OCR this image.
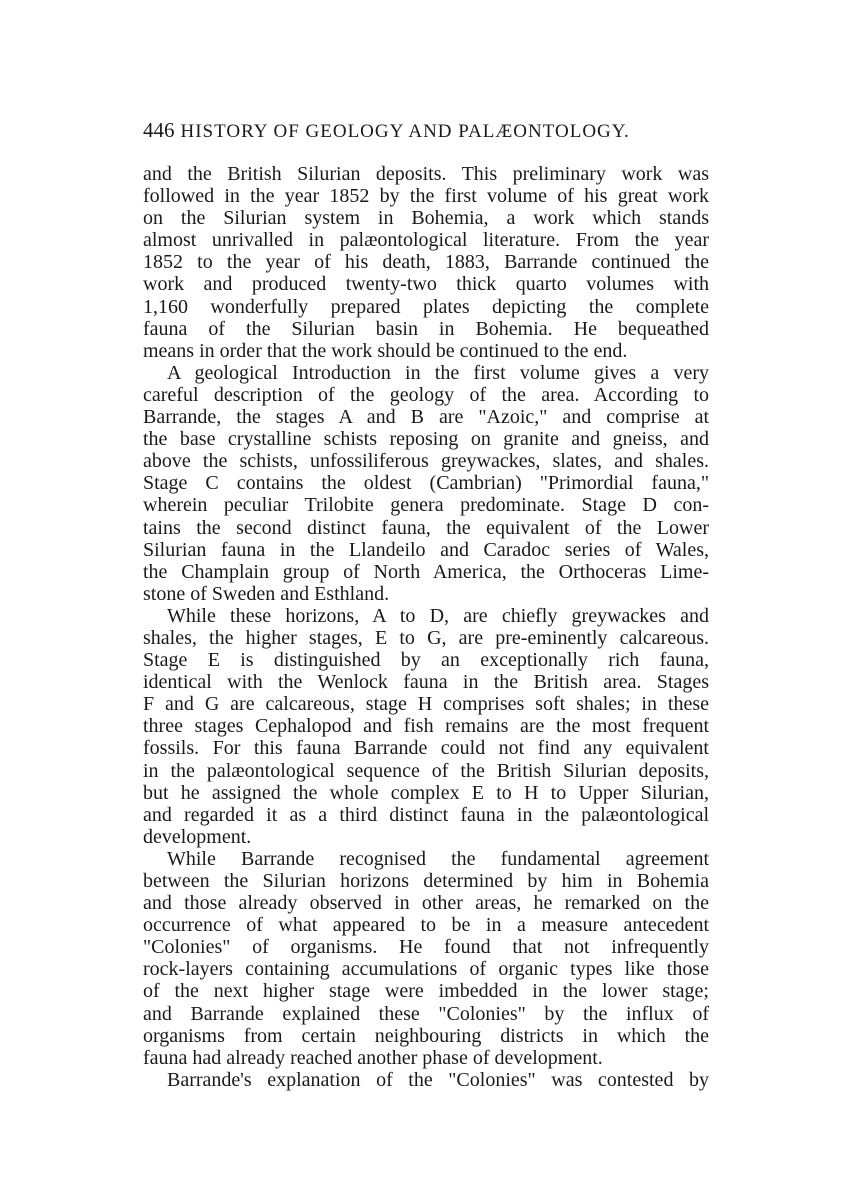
446 HISTORY OF GEOLOGY AND PALÆONTOLOGY.
and the British Silurian deposits. This preliminary work was
followed in the year 1852 by the first volume of his great work
on the Silurian system in Bohemia, a work which stands
almost unrivalled in palæontological literature. From the year
1852 to the year of his death, 1883, Barrande continued the
work and produced twenty-two thick quarto volumes with
1,160 wonderfully prepared plates depicting the complete
fauna of the Silurian basin in Bohemia. He bequeathed
means in order that the work should be continued to the end.
A geological Introduction in the first volume gives a very
careful description of the geology of the area. According to
Barrande, the stages A and B are "Azoic," and comprise at
the base crystalline schists reposing on granite and gneiss, and
above the schists, unfossiliferous greywackes, slates, and shales.
Stage C contains the oldest (Cambrian) "Primordial fauna,"
wherein peculiar Trilobite genera predominate. Stage D con-
tains the second distinct fauna, the equivalent of the Lower
Silurian fauna in the Llandeilo and Caradoc series of Wales,
the Champlain group of North America, the Orthoceras Lime-
stone of Sweden and Esthland.
While these horizons, A to D, are chiefly greywackes and
shales, the higher stages, E to G, are pre-eminently calcareous.
Stage E is distinguished by an exceptionally rich fauna,
identical with the Wenlock fauna in the British area. Stages
F and G are calcareous, stage H comprises soft shales; in these
three stages Cephalopod and fish remains are the most frequent
fossils. For this fauna Barrande could not find any equivalent
in the palæontological sequence of the British Silurian deposits,
but he assigned the whole complex E to H to Upper Silurian,
and regarded it as a third distinct fauna in the palæontological
development.
While Barrande recognised the fundamental agreement
between the Silurian horizons determined by him in Bohemia
and those already observed in other areas, he remarked on the
occurrence of what appeared to be in a measure antecedent
"Colonies" of organisms. He found that not infrequently
rock-layers containing accumulations of organic types like those
of the next higher stage were imbedded in the lower stage;
and Barrande explained these "Colonies" by the influx of
organisms from certain neighbouring districts in which the
fauna had already reached another phase of development.
Barrande's explanation of the "Colonies" was contested by
